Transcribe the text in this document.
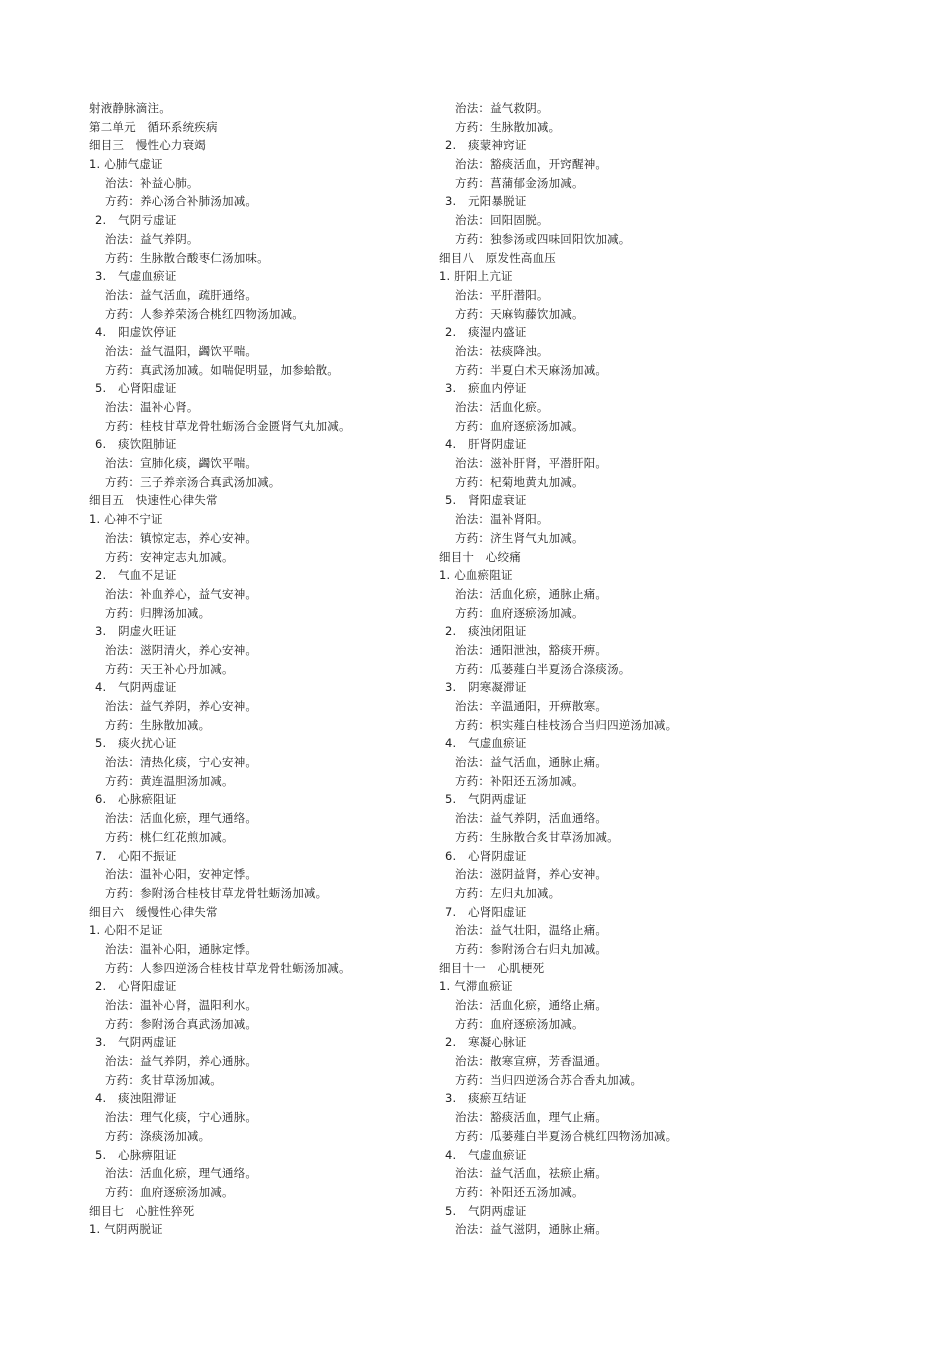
射液静脉滴注。
第二单元　循环系统疾病
细目三　慢性心力衰竭
1. 心肺气虚证
治法：补益心肺。
方药：养心汤合补肺汤加减。
2.　气阴亏虚证
治法：益气养阴。
方药：生脉散合酸枣仁汤加味。
3.　气虚血瘀证
治法：益气活血，疏肝通络。
方药：人参养荣汤合桃红四物汤加减。
4.　阳虚饮停证
治法：益气温阳，蠲饮平喘。
方药：真武汤加减。如喘促明显，加参蛤散。
5.　心肾阳虚证
治法：温补心肾。
方药：桂枝甘草龙骨牡蛎汤合金匮肾气丸加减。
6.　痰饮阻肺证
治法：宣肺化痰，蠲饮平喘。
方药：三子养亲汤合真武汤加减。
细目五　快速性心律失常
1. 心神不宁证
治法：镇惊定志，养心安神。
方药：安神定志丸加减。
2.　气血不足证
治法：补血养心，益气安神。
方药：归脾汤加减。
3.　阴虚火旺证
治法：滋阴清火，养心安神。
方药：天王补心丹加减。
4.　气阴两虚证
治法：益气养阴，养心安神。
方药：生脉散加减。
5.　痰火扰心证
治法：清热化痰，宁心安神。
方药：黄连温胆汤加减。
6.　心脉瘀阻证
治法：活血化瘀，理气通络。
方药：桃仁红花煎加减。
7.　心阳不振证
治法：温补心阳，安神定悸。
方药：参附汤合桂枝甘草龙骨牡蛎汤加减。
细目六　缓慢性心律失常
1. 心阳不足证
治法：温补心阳，通脉定悸。
方药：人参四逆汤合桂枝甘草龙骨牡蛎汤加减。
2.　心肾阳虚证
治法：温补心肾，温阳利水。
方药：参附汤合真武汤加减。
3.　气阴两虚证
治法：益气养阴，养心通脉。
方药：炙甘草汤加减。
4.　痰浊阻滞证
治法：理气化痰，宁心通脉。
方药：涤痰汤加减。
5.　心脉痹阻证
治法：活血化瘀，理气通络。
方药：血府逐瘀汤加减。
细目七　心脏性猝死
1. 气阴两脱证
治法：益气救阴。
方药：生脉散加减。
2.　痰蒙神窍证
治法：豁痰活血，开窍醒神。
方药：菖蒲郁金汤加减。
3.　元阳暴脱证
治法：回阳固脱。
方药：独参汤或四味回阳饮加减。
细目八　原发性高血压
1. 肝阳上亢证
治法：平肝潜阳。
方药：天麻钩藤饮加减。
2.　痰湿内盛证
治法：祛痰降浊。
方药：半夏白术天麻汤加减。
3.　瘀血内停证
治法：活血化瘀。
方药：血府逐瘀汤加减。
4.　肝肾阴虚证
治法：滋补肝肾，平潜肝阳。
方药：杞菊地黄丸加减。
5.　肾阳虚衰证
治法：温补肾阳。
方药：济生肾气丸加减。
细目十　心绞痛
1. 心血瘀阻证
治法：活血化瘀，通脉止痛。
方药：血府逐瘀汤加减。
2.　痰浊闭阻证
治法：通阳泄浊，豁痰开痹。
方药：瓜蒌薤白半夏汤合涤痰汤。
3.　阴寒凝滞证
治法：辛温通阳，开痹散寒。
方药：枳实薤白桂枝汤合当归四逆汤加减。
4.　气虚血瘀证
治法：益气活血，通脉止痛。
方药：补阳还五汤加减。
5.　气阴两虚证
治法：益气养阴，活血通络。
方药：生脉散合炙甘草汤加减。
6.　心肾阴虚证
治法：滋阴益肾，养心安神。
方药：左归丸加减。
7.　心肾阳虚证
治法：益气壮阳，温络止痛。
方药：参附汤合右归丸加减。
细目十一　心肌梗死
1. 气滞血瘀证
治法：活血化瘀，通络止痛。
方药：血府逐瘀汤加减。
2.　寒凝心脉证
治法：散寒宣痹，芳香温通。
方药：当归四逆汤合苏合香丸加减。
3.　痰瘀互结证
治法：豁痰活血，理气止痛。
方药：瓜蒌薤白半夏汤合桃红四物汤加减。
4.　气虚血瘀证
治法：益气活血，祛瘀止痛。
方药：补阳还五汤加减。
5.　气阴两虚证
治法：益气滋阴，通脉止痛。
